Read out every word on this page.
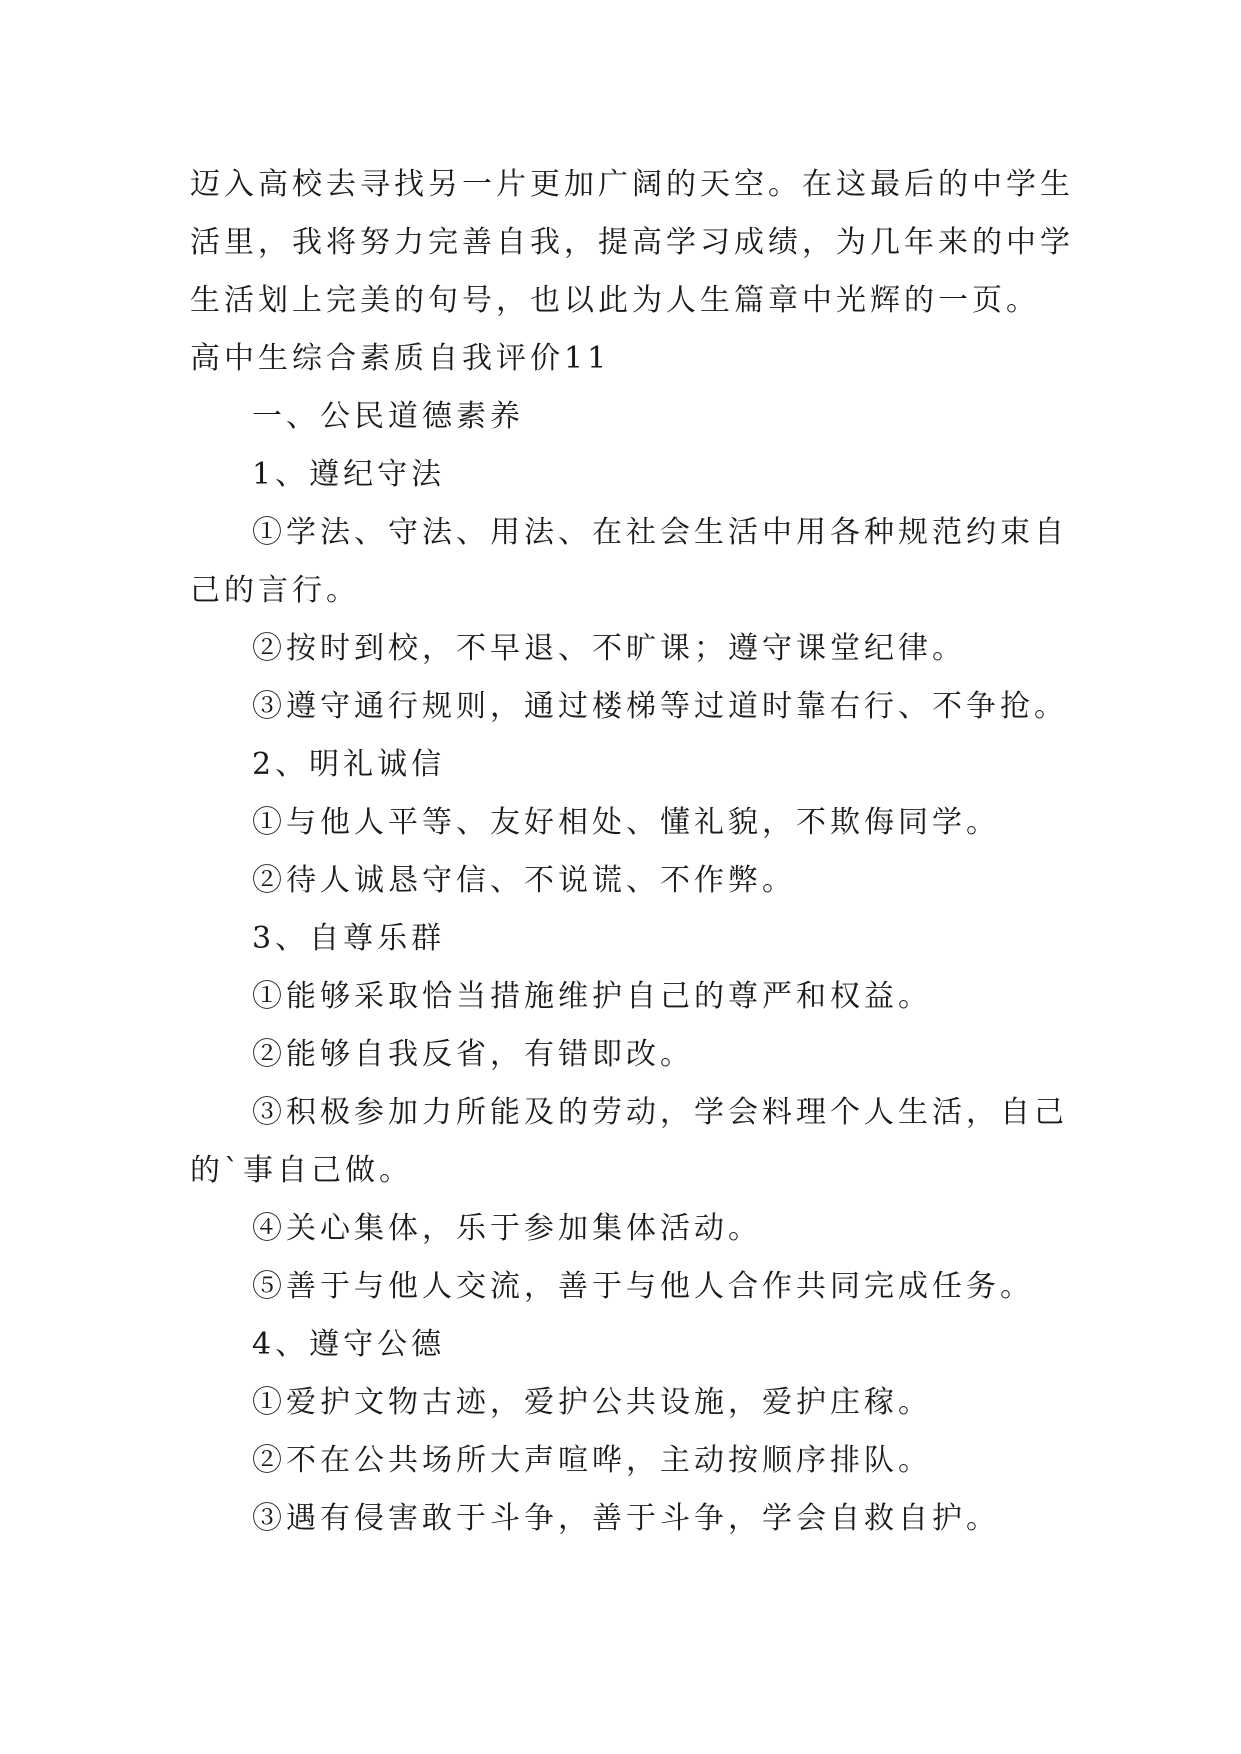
迈入高校去寻找另一片更加广阔的天空。在这最后的中学生
活里，我将努力完善自我，提高学习成绩，为几年来的中学
生活划上完美的句号，也以此为人生篇章中光辉的一页。
高中生综合素质自我评价11
一、公民道德素养
1、遵纪守法
①学法、守法、用法、在社会生活中用各种规范约束自
己的言行。
②按时到校，不早退、不旷课；遵守课堂纪律。
③遵守通行规则，通过楼梯等过道时靠右行、不争抢。
2、明礼诚信
①与他人平等、友好相处、懂礼貌，不欺侮同学。
②待人诚恳守信、不说谎、不作弊。
3、自尊乐群
①能够采取恰当措施维护自己的尊严和权益。
②能够自我反省，有错即改。
③积极参加力所能及的劳动，学会料理个人生活，自己
的`事自己做。
④关心集体，乐于参加集体活动。
⑤善于与他人交流，善于与他人合作共同完成任务。
4、遵守公德
①爱护文物古迹，爱护公共设施，爱护庄稼。
②不在公共场所大声喧哗，主动按顺序排队。
③遇有侵害敢于斗争，善于斗争，学会自救自护。
